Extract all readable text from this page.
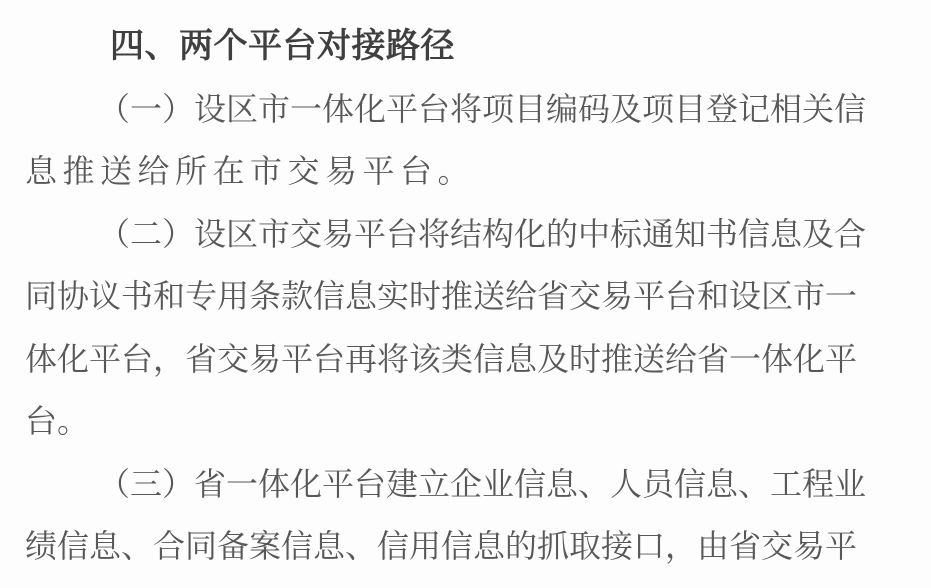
四、两个平台对接路径
（一）设区市一体化平台将项目编码及项目登记相关信
息推送给所在市交易平台。
（二）设区市交易平台将结构化的中标通知书信息及合
同协议书和专用条款信息实时推送给省交易平台和设区市一
体化平台，省交易平台再将该类信息及时推送给省一体化平
台。
（三）省一体化平台建立企业信息、人员信息、工程业
绩信息、合同备案信息、信用信息的抓取接口，由省交易平
